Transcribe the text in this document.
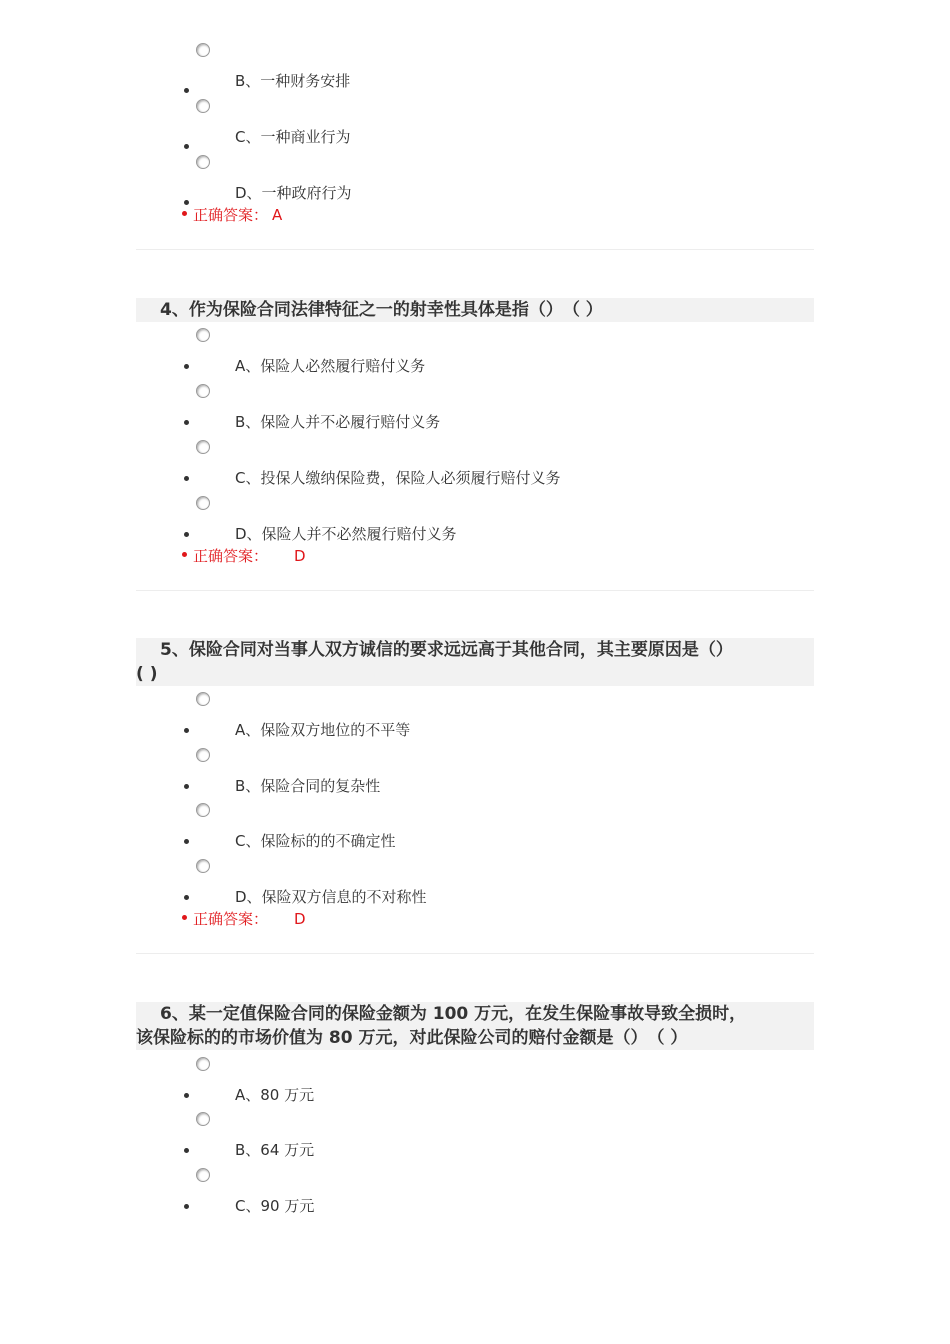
B、一种财务安排
C、一种商业行为
D、一种政府行为
正确答案： A
4、作为保险合同法律特征之一的射幸性具体是指（）　（ ）
A、保险人必然履行赔付义务
B、保险人并不必履行赔付义务
C、投保人缴纳保险费，保险人必须履行赔付义务
D、保险人并不必然履行赔付义务
正确答案： D
5、保险合同对当事人双方诚信的要求远远高于其他合同，其主要原因是（）
( )
A、保险双方地位的不平等
B、保险合同的复杂性
C、保险标的的不确定性
D、保险双方信息的不对称性
正确答案： D
6、某一定值保险合同的保险金额为 100 万元，在发生保险事故导致全损时，
该保险标的的市场价值为 80 万元，对此保险公司的赔付金额是（）　（ ）
A、80 万元
B、64 万元
C、90 万元
